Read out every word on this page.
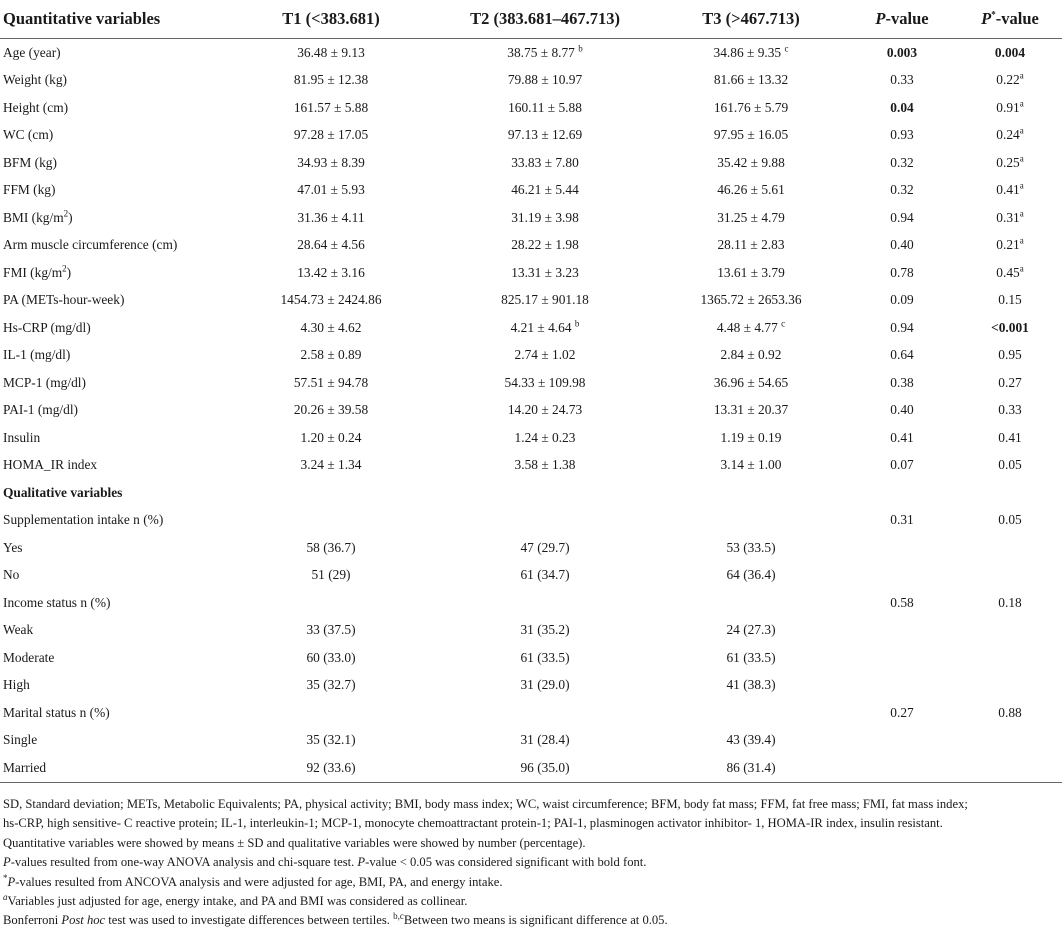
Quantitative variables	T1 (<383.681)	T2 (383.681–467.713)	T3 (>467.713)	P-value	P*-value
Age (year)	36.48 ± 9.13	38.75 ± 8.77 $^b$	34.86 ± 9.35 $^c$	0.003	0.004
Weight (kg)	81.95 ± 12.38	79.88 ± 10.97	81.66 ± 13.32	0.33	0.22$^a$
Height (cm)	161.57 ± 5.88	160.11 ± 5.88	161.76 ± 5.79	0.04	0.91$^a$
WC (cm)	97.28 ± 17.05	97.13 ± 12.69	97.95 ± 16.05	0.93	0.24$^a$
BFM (kg)	34.93 ± 8.39	33.83 ± 7.80	35.42 ± 9.88	0.32	0.25$^a$
FFM (kg)	47.01 ± 5.93	46.21 ± 5.44	46.26 ± 5.61	0.32	0.41$^a$
BMI $(kg/m^2)$	31.36 ± 4.11	31.19 ± 3.98	31.25 ± 4.79	0.94	0.31$^a$
Arm muscle circumference (cm)	28.64 ± 4.56	28.22 ± 1.98	28.11 ± 2.83	0.40	0.21$^a$
FMI $(kg/m^2)$	13.42 ± 3.16	13.31 ± 3.23	13.61 ± 3.79	0.78	0.45$^a$
PA (METs-hour-week)	1454.73 ± 2424.86	825.17 ± 901.18	1365.72 ± 2653.36	0.09	0.15
Hs-CRP (mg/dl)	4.30 ± 4.62	4.21 ± 4.64 $^b$	4.48 ± 4.77 $^c$	0.94	<0.001
IL-1 (mg/dl)	2.58 ± 0.89	2.74 ± 1.02	2.84 ± 0.92	0.64	0.95
MCP-1 (mg/dl)	57.51 ± 94.78	54.33 ± 109.98	36.96 ± 54.65	0.38	0.27
PAI-1 (mg/dl)	20.26 ± 39.58	14.20 ± 24.73	13.31 ± 20.37	0.40	0.33
Insulin	1.20 ± 0.24	1.24 ± 0.23	1.19 ± 0.19	0.41	0.41
HOMA_IR index	3.24 ± 1.34	3.58 ± 1.38	3.14 ± 1.00	0.07	0.05
Qualitative variables					
Supplementation intake n (%)				0.31	0.05
Yes	58 (36.7)	47 (29.7)	53 (33.5)		
No	51 (29)	61 (34.7)	64 (36.4)		
Income status n (%)				0.58	0.18
Weak	33 (37.5)	31 (35.2)	24 (27.3)		
Moderate	60 (33.0)	61 (33.5)	61 (33.5)		
High	35 (32.7)	31 (29.0)	41 (38.3)		
Marital status n (%)				0.27	0.88
Single	35 (32.1)	31 (28.4)	43 (39.4)		
Married	92 (33.6)	96 (35.0)	86 (31.4)		
SD, Standard deviation; METs, Metabolic Equivalents; PA, physical activity; BMI, body mass index; WC, waist circumference; BFM, body fat mass; FFM, fat free mass; FMI, fat mass index;
hs-CRP, high sensitive- C reactive protein; IL-1, interleukin-1; MCP-1, monocyte chemoattractant protein-1; PAI-1, plasminogen activator inhibitor- 1, HOMA-IR index, insulin resistant.
Quantitative variables were showed by means ± SD and qualitative variables were showed by number (percentage).
P-values resulted from one-way ANOVA analysis and chi-square test. P-value < 0.05 was considered significant with bold font.
*P-values resulted from ANCOVA analysis and were adjusted for age, BMI, PA, and energy intake.
$^a$Variables just adjusted for age, energy intake, and PA and BMI was considered as collinear.
Bonferroni Post hoc test was used to investigate differences between tertiles. $^{b,c}$Between two means is significant difference at 0.05.
